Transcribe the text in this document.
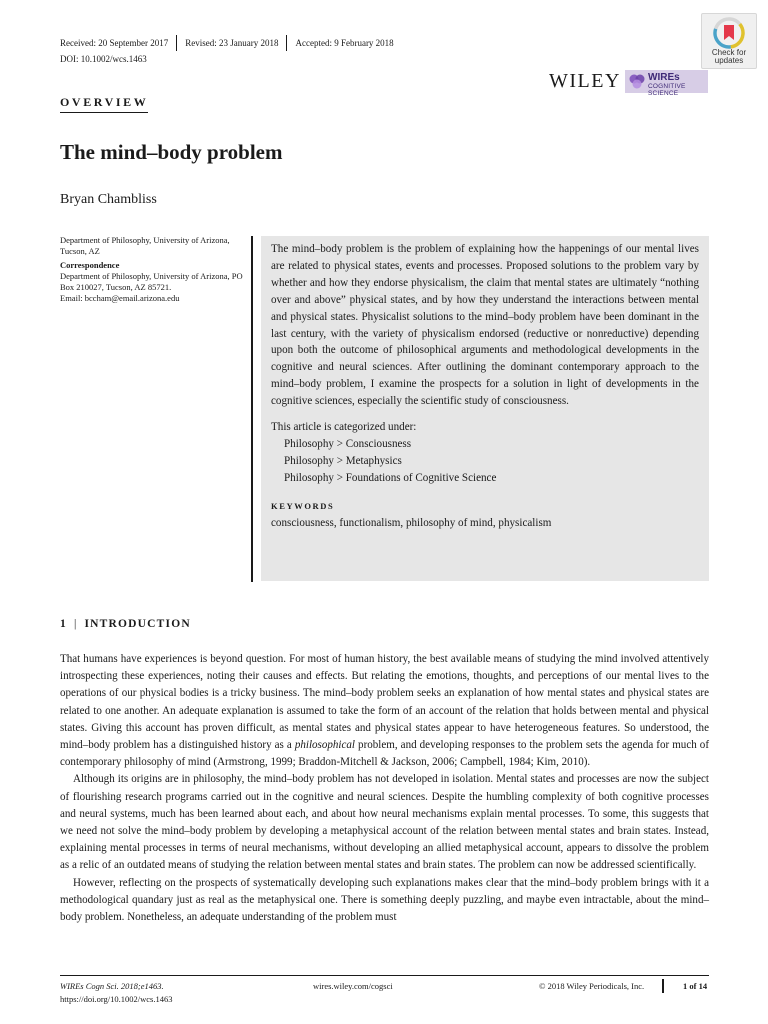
Received: 20 September 2017	Revised: 23 January 2018	Accepted: 9 February 2018
DOI: 10.1002/wcs.1463
Check for
updates
WILEY	WIREs
COGNITIVE SCIENCE
OVERVIEW
The mind–body problem
Bryan Chambliss
Department of Philosophy, University of Arizona, Tucson, AZ
Correspondence
Department of Philosophy, University of Arizona, PO Box 210027, Tucson, AZ 85721.
Email: bccham@email.arizona.edu

The mind–body problem is the problem of explaining how the happenings of our mental lives are related to physical states, events and processes. Proposed solutions to the problem vary by whether and how they endorse physicalism, the claim that mental states are ultimately “nothing over and above” physical states, and by how they understand the interactions between mental and physical states. Physicalist solutions to the mind–body problem have been dominant in the last century, with the variety of physicalism endorsed (reductive or nonreductive) depending upon both the outcome of philosophical arguments and methodological developments in the cognitive and neural sciences. After outlining the dominant contemporary approach to the mind–body problem, I examine the prospects for a solution in light of developments in the cognitive sciences, especially the scientific study of consciousness.

This article is categorized under:
Philosophy > Consciousness
Philosophy > Metaphysics
Philosophy > Foundations of Cognitive Science
KEYWORDS
consciousness, functionalism, philosophy of mind, physicalism
1 | INTRODUCTION

That humans have experiences is beyond question. For most of human history, the best available means of studying the mind involved attentively introspecting these experiences, noting their causes and effects. But relating the emotions, thoughts, and perceptions of our mental lives to the operations of our physical bodies is a tricky business. The mind–body problem seeks an explanation of how mental states and physical states are related to one another. An adequate explanation is assumed to take the form of an account of the relation that holds between mental and physical states. Giving this account has proven difficult, as mental states and physical states appear to have heterogeneous features. So understood, the mind–body problem has a distinguished history as a philosophical problem, and developing responses to the problem sets the agenda for much of contemporary philosophy of mind (Armstrong, 1999; Braddon-Mitchell & Jackson, 2006; Campbell, 1984; Kim, 2010).

Although its origins are in philosophy, the mind–body problem has not developed in isolation. Mental states and processes are now the subject of flourishing research programs carried out in the cognitive and neural sciences. Despite the humbling complexity of both cognitive processes and neural systems, much has been learned about each, and about how neural mechanisms explain mental processes. To some, this suggests that we need not solve the mind–body problem by developing a metaphysical account of the relation between mental states and brain states. Instead, explaining mental processes in terms of neural mechanisms, without developing an allied metaphysical account, appears to dissolve the problem as a relic of an outdated means of studying the relation between mental states and brain states. The problem can now be addressed scientifically.

However, reflecting on the prospects of systematically developing such explanations makes clear that the mind–body problem brings with it a methodological quandary just as real as the metaphysical one. There is something deeply puzzling, and maybe even intractable, about the mind–body problem. Nonetheless, an adequate understanding of the problem must

WIREs Cogn Sci. 2018;e1463.
https://doi.org/10.1002/wcs.1463
wires.wiley.com/cogsci	© 2018 Wiley Periodicals, Inc.	1 of 14
